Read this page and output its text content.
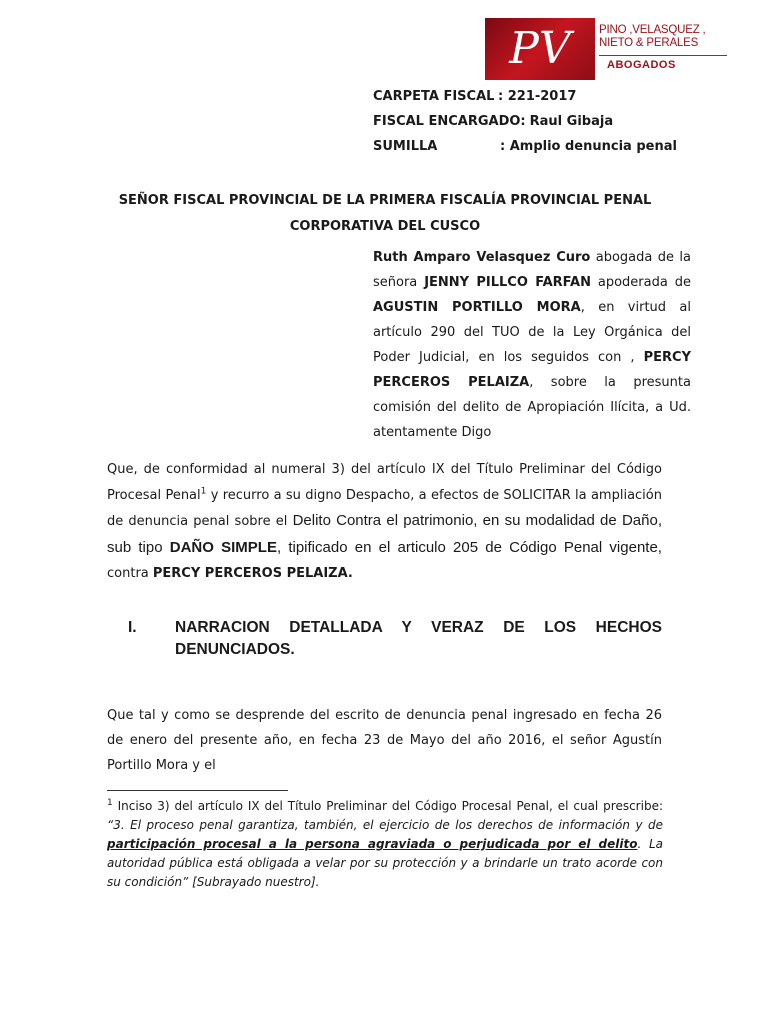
PV	PINO ,VELASQUEZ ,
NIETO & PERALES
ABOGADOS
CARPETA FISCAL : 221-2017
FISCAL ENCARGADO: Raul Gibaja
SUMILLA	: Amplio denuncia penal
SEÑOR FISCAL PROVINCIAL DE LA PRIMERA FISCALÍA PROVINCIAL PENAL CORPORATIVA DEL CUSCO
Ruth Amparo Velasquez Curo abogada de la señora JENNY PILLCO FARFAN apoderada de AGUSTIN PORTILLO MORA, en virtud al artículo 290 del TUO de la Ley Orgánica del Poder Judicial, en los seguidos con , PERCY PERCEROS PELAIZA, sobre la presunta comisión del delito de Apropiación Ilícita, a Ud. atentamente Digo
Que, de conformidad al numeral 3) del artículo IX del Título Preliminar del Código Procesal Penal$^1$ y recurro a su digno Despacho, a efectos de SOLICITAR la ampliación de denuncia penal sobre el Delito Contra el patrimonio, en su modalidad de Daño, sub tipo DAÑO SIMPLE, tipificado en el articulo 205 de Código Penal vigente, contra PERCY PERCEROS PELAIZA.
I. NARRACION DETALLADA Y VERAZ DE LOS HECHOS DENUNCIADOS.
Que tal y como se desprende del escrito de denuncia penal ingresado en fecha 26 de enero del presente año, en fecha 23 de Mayo del año 2016, el señor Agustín Portillo Mora y el
$^1$ Inciso 3) del artículo IX del Título Preliminar del Código Procesal Penal, el cual prescribe: “3. El proceso penal garantiza, también, el ejercicio de los derechos de información y de participación procesal a la persona agraviada o perjudicada por el delito. La autoridad pública está obligada a velar por su protección y a brindarle un trato acorde con su condición” [Subrayado nuestro].
